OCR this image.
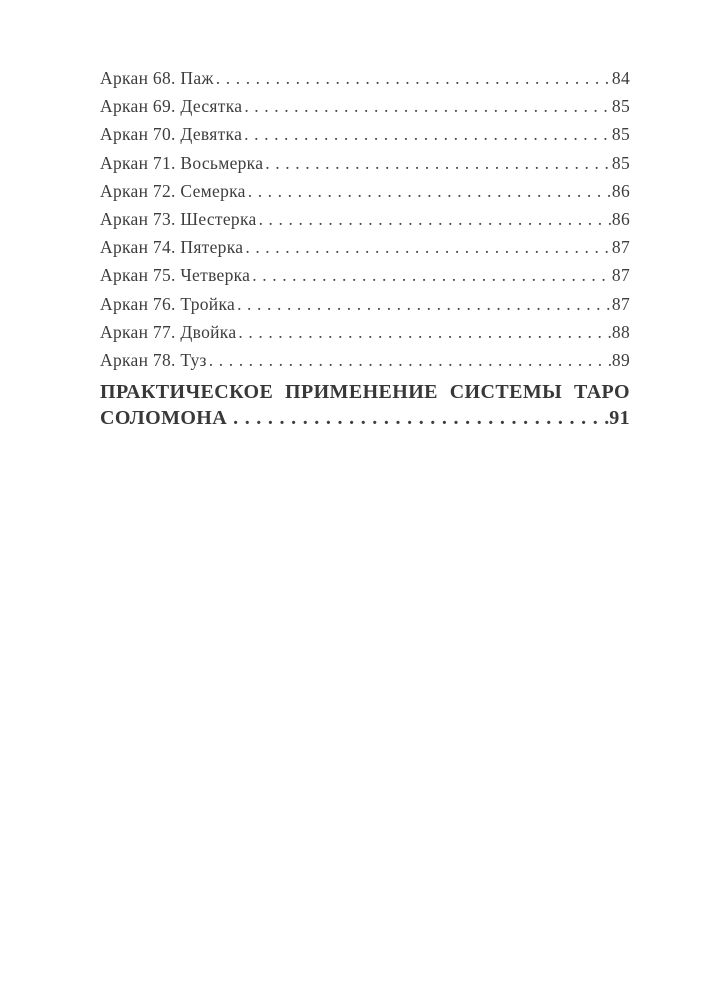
Аркан 68. Паж .....	84
Аркан 69. Десятка .....	85
Аркан 70. Девятка .....	85
Аркан 71. Восьмерка .....	85
Аркан 72. Семерка .....	86
Аркан 73. Шестерка .....	86
Аркан 74. Пятерка .....	87
Аркан 75. Четверка .....	87
Аркан 76. Тройка .....	87
Аркан 77. Двойка .....	88
Аркан 78. Туз .....	89
ПРАКТИЧЕСКОЕ ПРИМЕНЕНИЕ СИСТЕМЫ ТАРО
СОЛОМОНА .....	91
